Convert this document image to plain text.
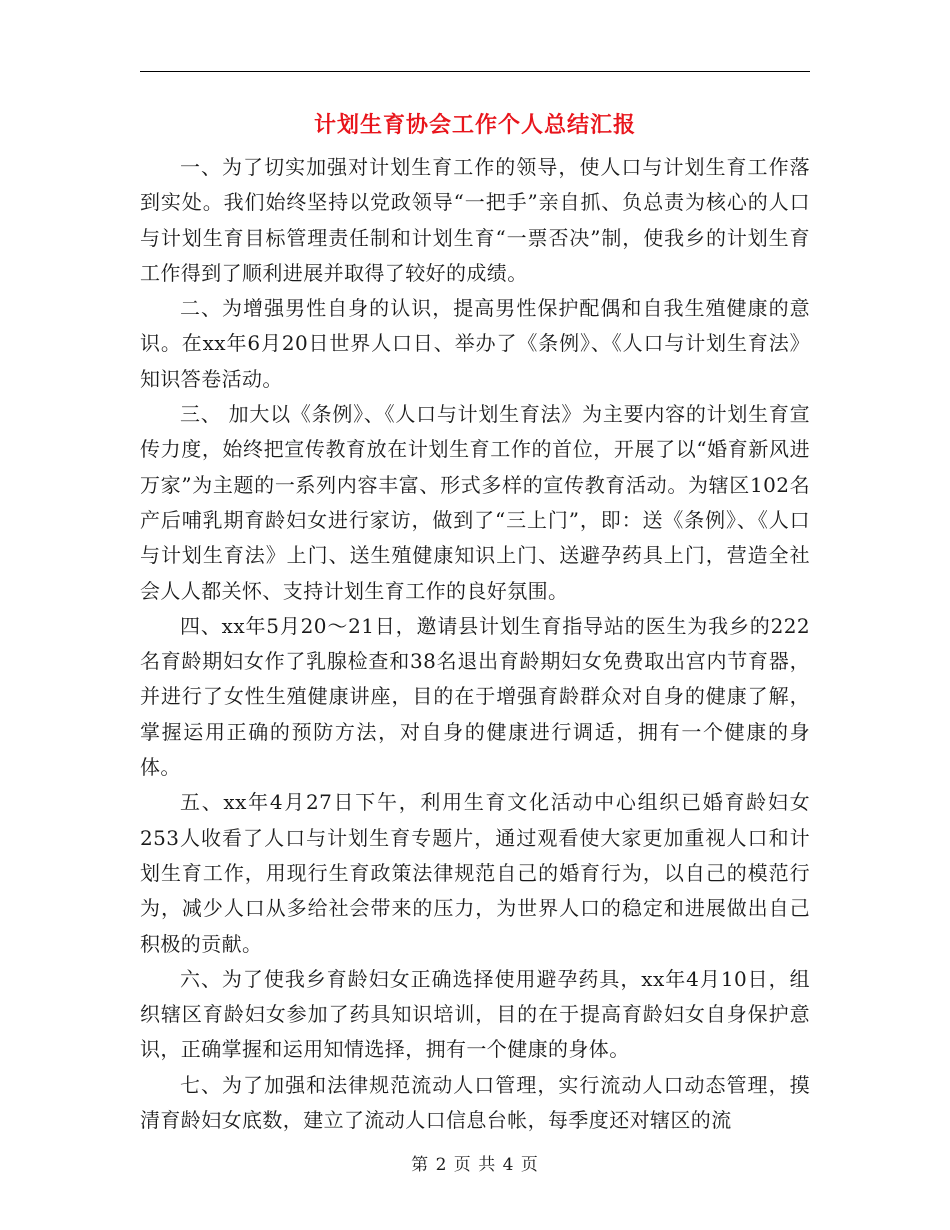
计划生育协会工作个人总结汇报

一、为了切实加强对计划生育工作的领导，使人口与计划生育工作落到实处。我们始终坚持以党政领导“一把手”亲自抓、负总责为核心的人口与计划生育目标管理责任制和计划生育“一票否决”制，使我乡的计划生育工作得到了顺利进展并取得了较好的成绩。

二、为增强男性自身的认识，提高男性保护配偶和自我生殖健康的意识。在xx年6月20日世界人口日、举办了《条例》、《人口与计划生育法》知识答卷活动。

三、 加大以《条例》、《人口与计划生育法》为主要内容的计划生育宣传力度，始终把宣传教育放在计划生育工作的首位，开展了以“婚育新风进万家”为主题的一系列内容丰富、形式多样的宣传教育活动。为辖区102名产后哺乳期育龄妇女进行家访，做到了“三上门”，即：送《条例》、《人口与计划生育法》上门、送生殖健康知识上门、送避孕药具上门，营造全社会人人都关怀、支持计划生育工作的良好氛围。

四、xx年5月20～21日，邀请县计划生育指导站的医生为我乡的222名育龄期妇女作了乳腺检查和38名退出育龄期妇女免费取出宫内节育器，并进行了女性生殖健康讲座，目的在于增强育龄群众对自身的健康了解，掌握运用正确的预防方法，对自身的健康进行调适，拥有一个健康的身体。

五、xx年4月27日下午，利用生育文化活动中心组织已婚育龄妇女253人收看了人口与计划生育专题片，通过观看使大家更加重视人口和计划生育工作，用现行生育政策法律规范自己的婚育行为，以自己的模范行为，减少人口从多给社会带来的压力，为世界人口的稳定和进展做出自己积极的贡献。

六、为了使我乡育龄妇女正确选择使用避孕药具，xx年4月10日，组织辖区育龄妇女参加了药具知识培训，目的在于提高育龄妇女自身保护意识，正确掌握和运用知情选择，拥有一个健康的身体。

七、为了加强和法律规范流动人口管理，实行流动人口动态管理，摸清育龄妇女底数，建立了流动人口信息台帐，每季度还对辖区的流

第 2 页 共 4 页
